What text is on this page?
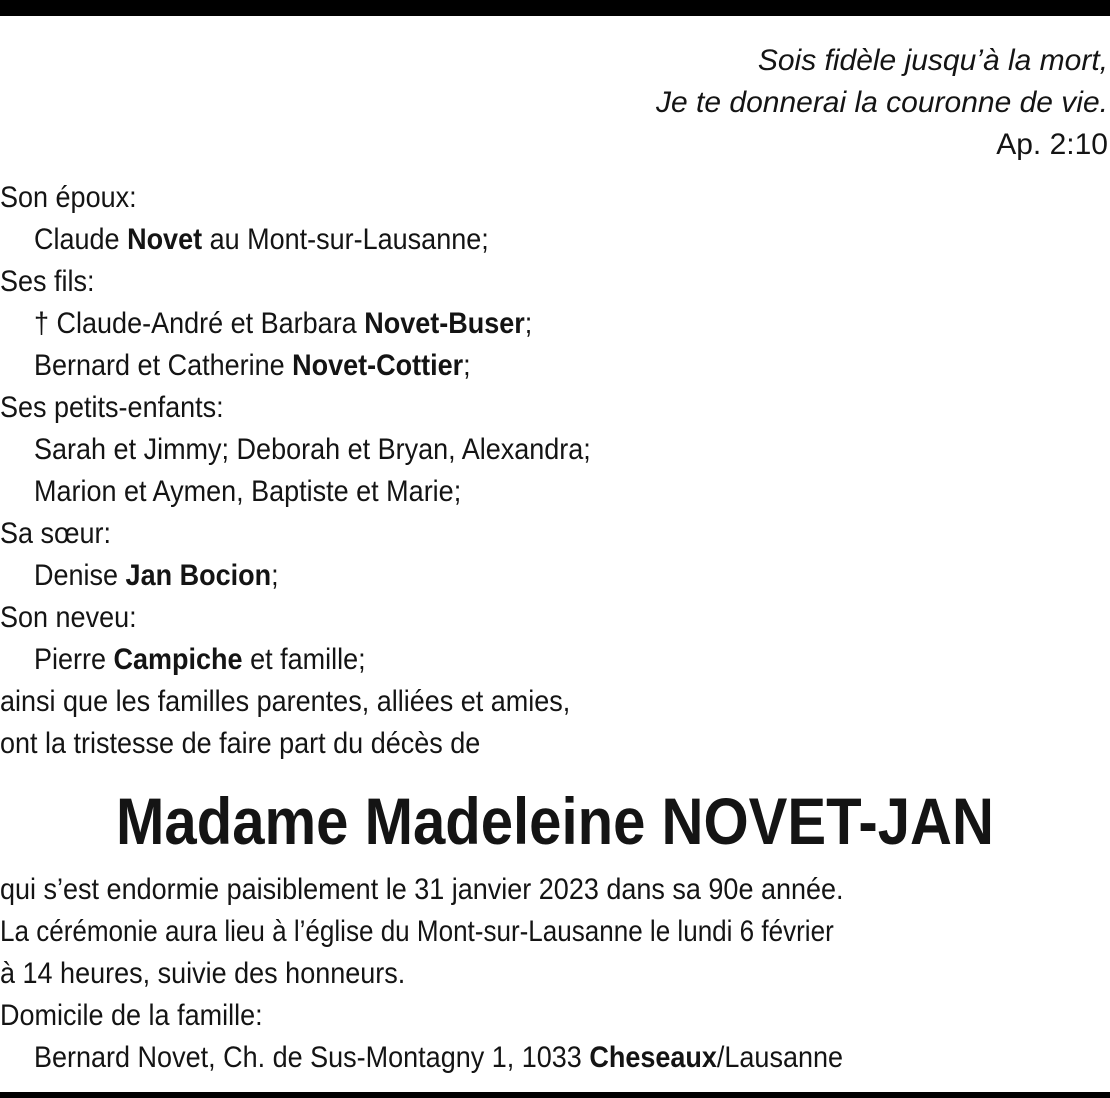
Sois fidèle jusqu’à la mort,
Je te donnerai la couronne de vie.
Ap. 2:10
Son époux:
Claude Novet au Mont-sur-Lausanne;
Ses fils:
† Claude-André et Barbara Novet-Buser;
Bernard et Catherine Novet-Cottier;
Ses petits-enfants:
Sarah et Jimmy; Deborah et Bryan, Alexandra;
Marion et Aymen, Baptiste et Marie;
Sa sœur:
Denise Jan Bocion;
Son neveu:
Pierre Campiche et famille;
ainsi que les familles parentes, alliées et amies,
ont la tristesse de faire part du décès de
Madame Madeleine NOVET-JAN
qui s’est endormie paisiblement le 31 janvier 2023 dans sa 90e année.
La cérémonie aura lieu à l’église du Mont-sur-Lausanne le lundi 6 février
à 14 heures, suivie des honneurs.
Domicile de la famille:
Bernard Novet, Ch. de Sus-Montagny 1, 1033 Cheseaux/Lausanne
